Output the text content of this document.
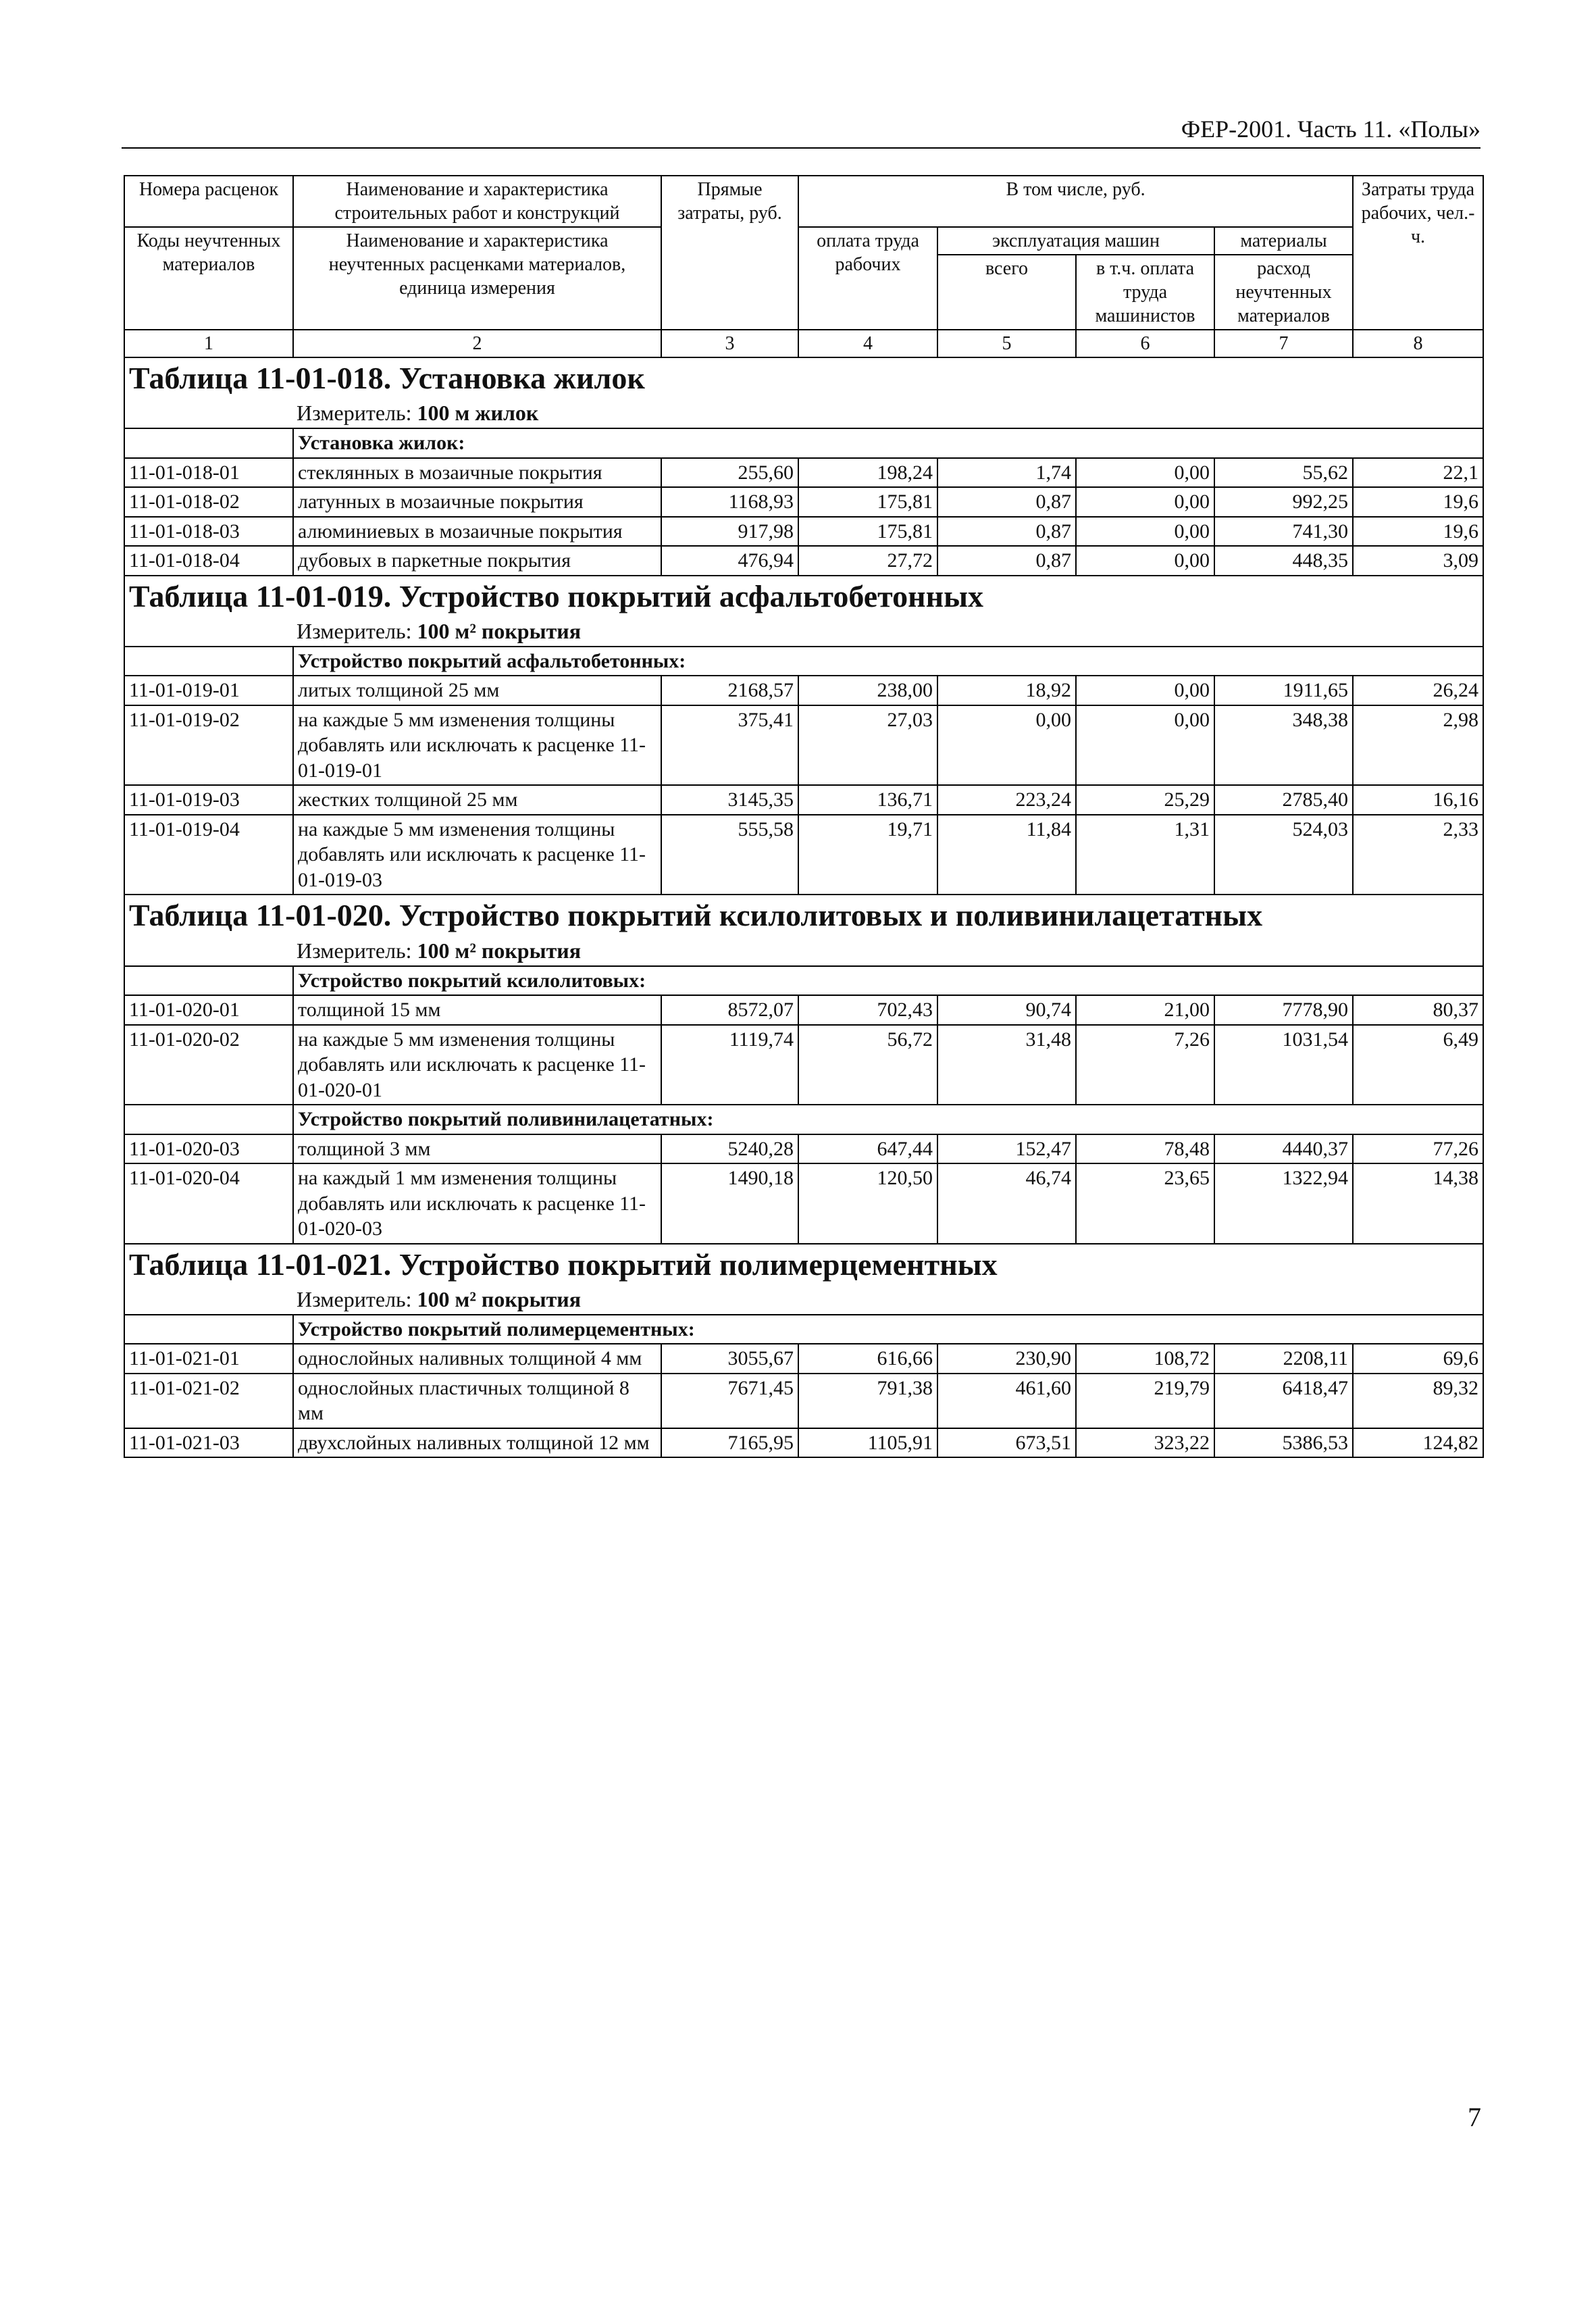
ФЕР-2001. Часть 11. «Полы»
Номера расценок	Наименование и характеристика строительных работ и конструкций	Прямые затраты, руб.	В том числе, руб.				Затраты труда рабочих, чел.-ч.
Коды неучтенных материалов	Наименование и характеристика неучтенных расценками материалов, единица измерения		оплата труда рабочих	эксплуатация машин		материалы	
				всего	в т.ч. оплата труда машинистов	расход неучтенных материалов	
1	2	3	4	5	6	7	8

Таблица 11-01-018. Установка жилок
Измеритель: 100 м жилок							

	Установка жилок:						
11-01-018-01	стеклянных в мозаичные покрытия	255,60	198,24	1,74	0,00	55,62	22,1
11-01-018-02	латунных в мозаичные покрытия	1168,93	175,81	0,87	0,00	992,25	19,6
11-01-018-03	алюминиевых в мозаичные покрытия	917,98	175,81	0,87	0,00	741,30	19,6
11-01-018-04	дубовых в паркетные покрытия	476,94	27,72	0,87	0,00	448,35	3,09

Таблица 11-01-019. Устройство покрытий асфальтобетонных
Измеритель: 100 м² покрытия							

	Устройство покрытий асфальтобетонных:						
11-01-019-01	литых толщиной 25 мм	2168,57	238,00	18,92	0,00	1911,65	26,24
11-01-019-02	на каждые 5 мм изменения толщины добавлять или исключать к расценке 11-01-019-01	375,41	27,03	0,00	0,00	348,38	2,98
11-01-019-03	жестких толщиной 25 мм	3145,35	136,71	223,24	25,29	2785,40	16,16
11-01-019-04	на каждые 5 мм изменения толщины добавлять или исключать к расценке 11-01-019-03	555,58	19,71	11,84	1,31	524,03	2,33

Таблица 11-01-020. Устройство покрытий ксилолитовых и поливинилацетатных
Измеритель: 100 м² покрытия							

	Устройство покрытий ксилолитовых:						
11-01-020-01	толщиной 15 мм	8572,07	702,43	90,74	21,00	7778,90	80,37
11-01-020-02	на каждые 5 мм изменения толщины добавлять или исключать к расценке 11-01-020-01	1119,74	56,72	31,48	7,26	1031,54	6,49
	Устройство покрытий поливинилацетатных:						
11-01-020-03	толщиной 3 мм	5240,28	647,44	152,47	78,48	4440,37	77,26
11-01-020-04	на каждый 1 мм изменения толщины добавлять или исключать к расценке 11-01-020-03	1490,18	120,50	46,74	23,65	1322,94	14,38

Таблица 11-01-021. Устройство покрытий полимерцементных
Измеритель: 100 м² покрытия							

	Устройство покрытий полимерцементных:						
11-01-021-01	однослойных наливных толщиной 4 мм	3055,67	616,66	230,90	108,72	2208,11	69,6
11-01-021-02	однослойных пластичных толщиной 8 мм	7671,45	791,38	461,60	219,79	6418,47	89,32
11-01-021-03	двухслойных наливных толщиной 12 мм	7165,95	1105,91	673,51	323,22	5386,53	124,82
7
